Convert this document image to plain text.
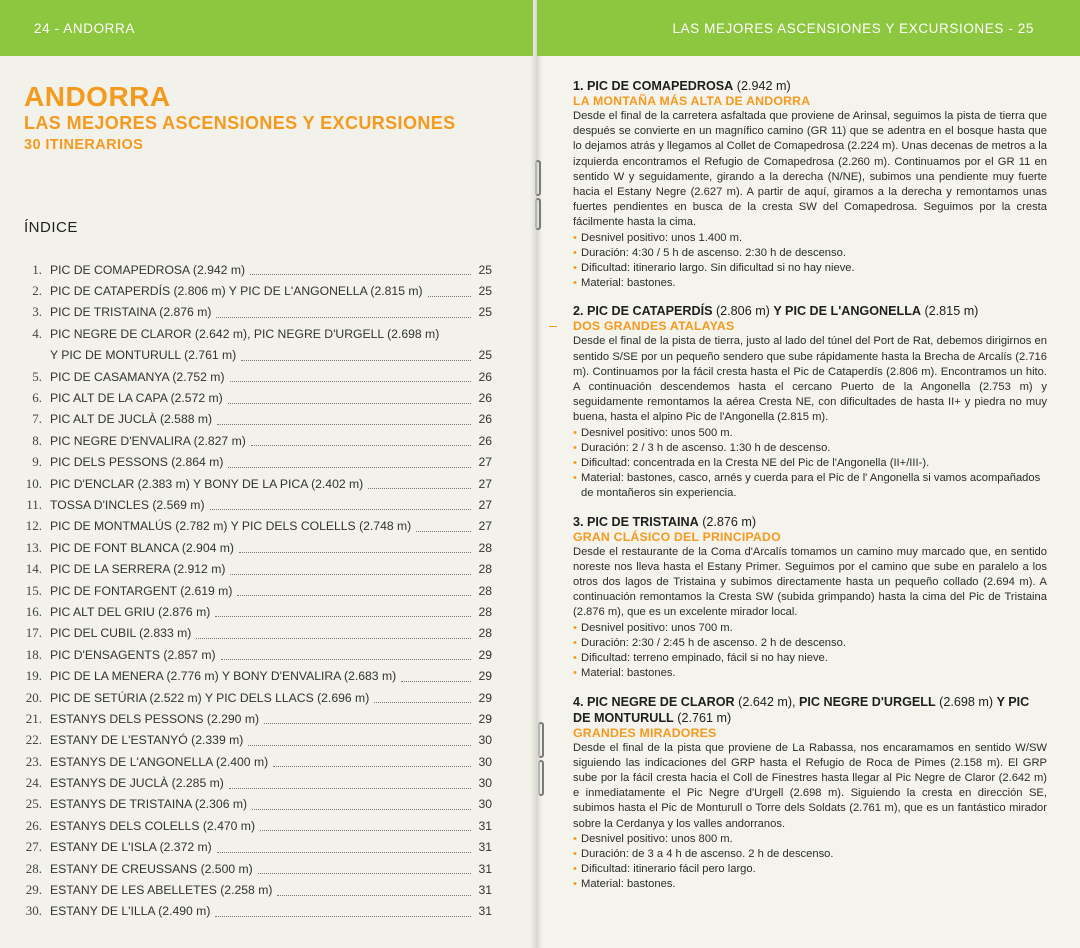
24 - ANDORRA	LAS MEJORES ASCENSIONES Y EXCURSIONES - 25
ANDORRA
LAS MEJORES ASCENSIONES Y EXCURSIONES
30 ITINERARIOS
ÍNDICE
1. PIC DE COMAPEDROSA (2.942 m)	25
2. PIC DE CATAPERDÍS (2.806 m) Y PIC DE L'ANGONELLA (2.815 m)	25
3. PIC DE TRISTAINA (2.876 m)	25
4. PIC NEGRE DE CLAROR (2.642 m), PIC NEGRE D'URGELL (2.698 m)
Y PIC DE MONTURULL (2.761 m)	25
5. PIC DE CASAMANYA (2.752 m)	26
6. PIC ALT DE LA CAPA (2.572 m)	26
7. PIC ALT DE JUCLÀ (2.588 m)	26
8. PIC NEGRE D'ENVALIRA (2.827 m)	26
9. PIC DELS PESSONS (2.864 m)	27
10. PIC D'ENCLAR (2.383 m) Y BONY DE LA PICA (2.402 m)	27
11. TOSSA D'INCLES (2.569 m)	27
12. PIC DE MONTMALÚS (2.782 m) Y PIC DELS COLELLS (2.748 m)	27
13. PIC DE FONT BLANCA (2.904 m)	28
14. PIC DE LA SERRERA (2.912 m)	28
15. PIC DE FONTARGENT (2.619 m)	28
16. PIC ALT DEL GRIU (2.876 m)	28
17. PIC DEL CUBIL (2.833 m)	28
18. PIC D'ENSAGENTS (2.857 m)	29
19. PIC DE LA MENERA (2.776 m) Y BONY D'ENVALIRA (2.683 m)	29
20. PIC DE SETÚRIA (2.522 m) Y PIC DELS LLACS (2.696 m)	29
21. ESTANYS DELS PESSONS (2.290 m)	29
22. ESTANY DE L'ESTANYÓ (2.339 m)	30
23. ESTANYS DE L'ANGONELLA (2.400 m)	30
24. ESTANYS DE JUCLÀ (2.285 m)	30
25. ESTANYS DE TRISTAINA (2.306 m)	30
26. ESTANYS DELS COLELLS (2.470 m)	31
27. ESTANY DE L'ISLA (2.372 m)	31
28. ESTANY DE CREUSSANS (2.500 m)	31
29. ESTANY DE LES ABELLETES (2.258 m)	31
30. ESTANY DE L'ILLA (2.490 m)	31
1. PIC DE COMAPEDROSA (2.942 m)
LA MONTAÑA MÁS ALTA DE ANDORRA
Desde el final de la carretera asfaltada que proviene de Arinsal, seguimos la pista de tierra que después se convierte en un magnífico camino (GR 11) que se adentra en el bosque hasta que lo dejamos atrás y llegamos al Collet de Comapedrosa (2.224 m). Unas decenas de metros a la izquierda encontramos el Refugio de Comapedrosa (2.260 m). Continuamos por el GR 11 en sentido W y seguidamente, girando a la derecha (N/NE), subimos una pendiente muy fuerte hacia el Estany Negre (2.627 m). A partir de aquí, giramos a la derecha y remontamos unas fuertes pendientes en busca de la cresta SW del Comapedrosa. Seguimos por la cresta fácilmente hasta la cima.
• Desnivel positivo: unos 1.400 m.
• Duración: 4:30 / 5 h de ascenso. 2:30 h de descenso.
• Dificultad: itinerario largo. Sin dificultad si no hay nieve.
• Material: bastones.
2. PIC DE CATAPERDÍS (2.806 m) Y PIC DE L'ANGONELLA (2.815 m)
DOS GRANDES ATALAYAS
Desde el final de la pista de tierra, justo al lado del túnel del Port de Rat, debemos dirigirnos en sentido S/SE por un pequeño sendero que sube rápidamente hasta la Brecha de Arcalís (2.716 m). Continuamos por la fácil cresta hasta el Pic de Cataperdís (2.806 m). Encontramos un hito. A continuación descendemos hasta el cercano Puerto de la Angonella (2.753 m) y seguidamente remontamos la aérea Cresta NE, con dificultades de hasta II+ y piedra no muy buena, hasta el alpino Pic de l'Angonella (2.815 m).
• Desnivel positivo: unos 500 m.
• Duración: 2 / 3 h de ascenso. 1:30 h de descenso.
• Dificultad: concentrada en la Cresta NE del Pic de l'Angonella (II+/III-).
• Material: bastones, casco, arnés y cuerda para el Pic de l' Angonella si vamos acompañados de montañeros sin experiencia.
3. PIC DE TRISTAINA (2.876 m)
GRAN CLÁSICO DEL PRINCIPADO
Desde el restaurante de la Coma d'Arcalís tomamos un camino muy marcado que, en sentido noreste nos lleva hasta el Estany Primer. Seguimos por el camino que sube en paralelo a los otros dos lagos de Tristaina y subimos directamente hasta un pequeño collado (2.694 m). A continuación remontamos la Cresta SW (subida grimpando) hasta la cima del Pic de Tristaina (2.876 m), que es un excelente mirador local.
• Desnivel positivo: unos 700 m.
• Duración: 2:30 / 2:45 h de ascenso. 2 h de descenso.
• Dificultad: terreno empinado, fácil si no hay nieve.
• Material: bastones.
4. PIC NEGRE DE CLAROR (2.642 m), PIC NEGRE D'URGELL (2.698 m) Y PIC DE MONTURULL (2.761 m)
GRANDES MIRADORES
Desde el final de la pista que proviene de La Rabassa, nos encaramamos en sentido W/SW siguiendo las indicaciones del GRP hasta el Refugio de Roca de Pimes (2.158 m). El GRP sube por la fácil cresta hacia el Coll de Finestres hasta llegar al Pic Negre de Claror (2.642 m) e inmediatamente el Pic Negre d'Urgell (2.698 m). Siguiendo la cresta en dirección SE, subimos hasta el Pic de Monturull o Torre dels Soldats (2.761 m), que es un fantástico mirador sobre la Cerdanya y los valles andorranos.
• Desnivel positivo: unos 800 m.
• Duración: de 3 a 4 h de ascenso. 2 h de descenso.
• Dificultad: itinerario fácil pero largo.
• Material: bastones.
